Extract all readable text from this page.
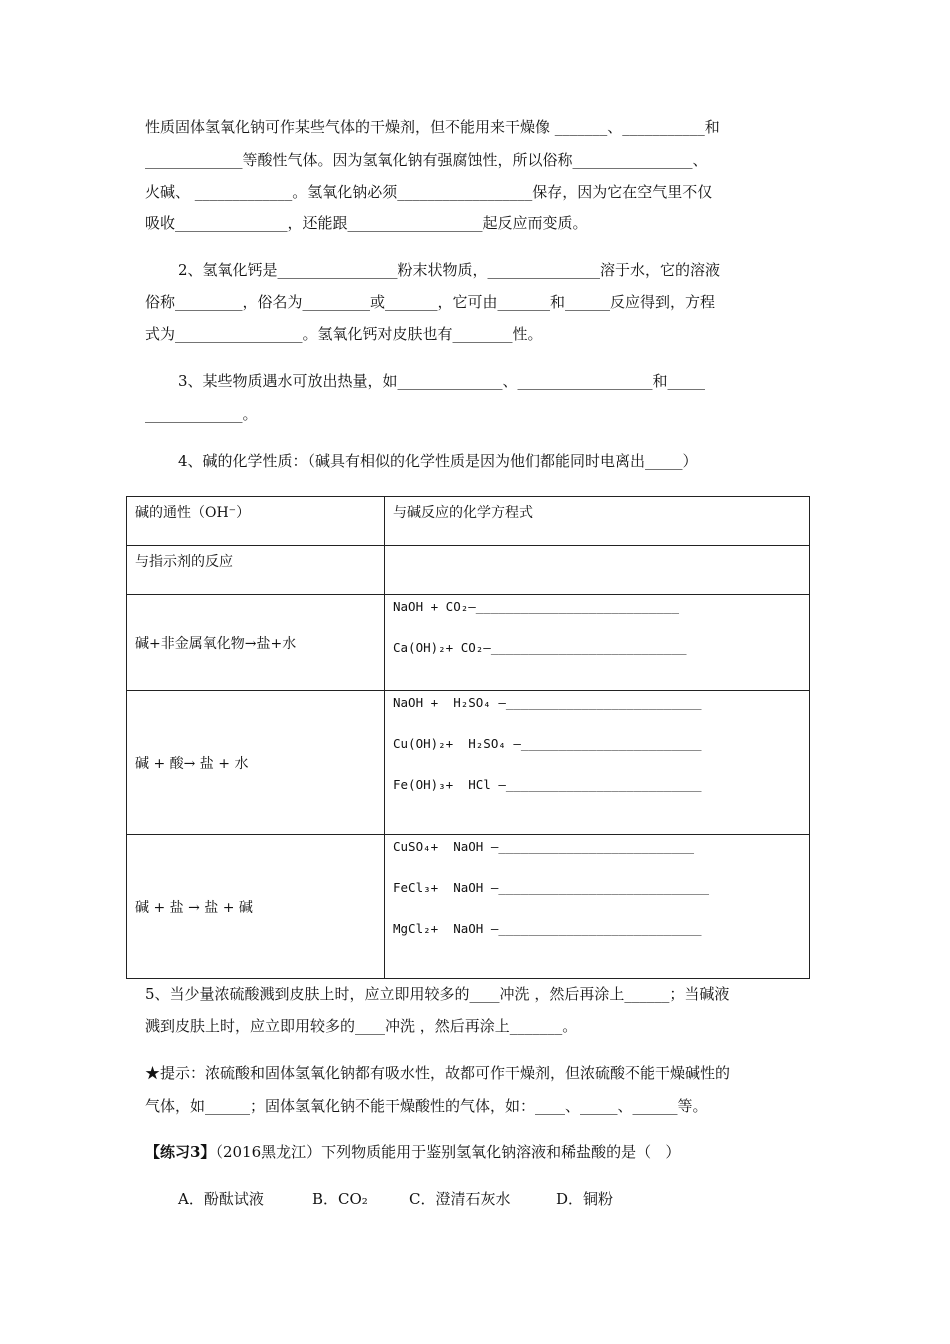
性质固体氢氧化钠可作某些气体的干燥剂，但不能用来干燥像 _______、___________和
_____________等酸性气体。因为氢氧化钠有强腐蚀性，所以俗称________________、
火碱、 _____________。氢氧化钠必须__________________保存，因为它在空气里不仅
吸收_______________，还能跟__________________起反应而变质。
2、氢氧化钙是________________粉末状物质，_______________溶于水，它的溶液
俗称_________，俗名为_________或_______，它可由_______和______反应得到，方程
式为_________________。氢氧化钙对皮肤也有________性。
3、某些物质遇水可放出热量，如______________、__________________和_____
_____________。
4、碱的化学性质：（碱具有相似的化学性质是因为他们都能同时电离出_____）
碱的通性（OH⁻）	与碱反应的化学方程式
与指示剂的反应	
碱+非金属氧化物→盐+水	NaOH + CO₂—___________________________
Ca(OH)₂+ CO₂—__________________________

碱 + 酸→ 盐 + 水	NaOH +  H₂SO₄ —__________________________
Cu(OH)₂+  H₂SO₄ —________________________
Fe(OH)₃+  HCl —__________________________

碱 + 盐 → 盐 + 碱	CuSO₄+  NaOH —__________________________
FeCl₃+  NaOH —____________________________
MgCl₂+  NaOH —___________________________
5、当少量浓硫酸溅到皮肤上时，应立即用较多的____冲洗 ，然后再涂上______；当碱液
溅到皮肤上时，应立即用较多的____冲洗 ，然后再涂上_______。
★提示：浓硫酸和固体氢氧化钠都有吸水性，故都可作干燥剂，但浓硫酸不能干燥碱性的
气体，如______；固体氢氧化钠不能干燥酸性的气体，如：____、_____、______等。
【练习3】（2016黑龙江）下列物质能用于鉴别氢氧化钠溶液和稀盐酸的是（   ）
A．酚酞试液	B．CO₂	C．澄清石灰水	D．铜粉
